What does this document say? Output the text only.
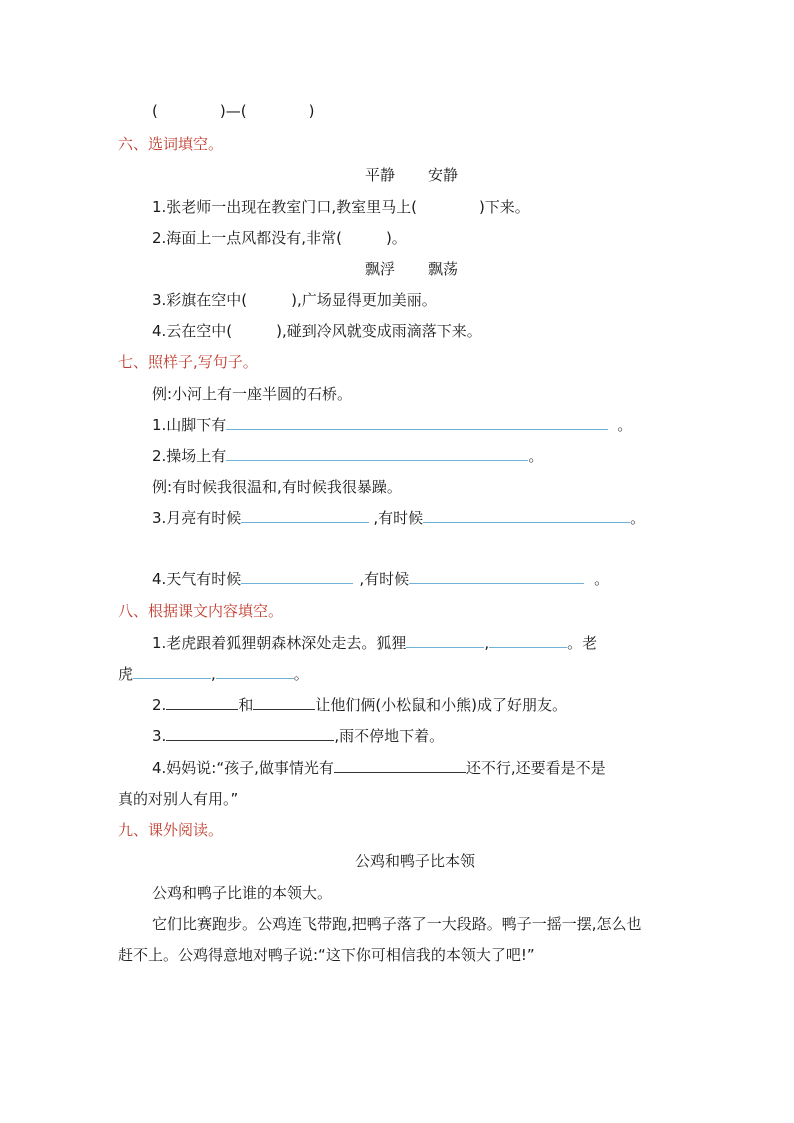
(	)—(	)
六、选词填空。
平静 安静
1.张老师一出现在教室门口,教室里马上(	)下来。
2.海面上一点风都没有,非常(	)。
飘浮 飘荡
3.彩旗在空中(	),广场显得更加美丽。
4.云在空中(	),碰到冷风就变成雨滴落下来。
七、照样子,写句子。
例:小河上有一座半圆的石桥。
1.山脚下有	。
2.操场上有	。
例:有时候我很温和,有时候我很暴躁。
3.月亮有时候	,有时候	。
4.天气有时候	,有时候	。
八、根据课文内容填空。
1.老虎跟着狐狸朝森林深处走去。狐狸	,	。老
虎	,	。
2.	和	让他们俩(小松鼠和小熊)成了好朋友。
3.	,雨不停地下着。
4.妈妈说:“孩子,做事情光有	还不行,还要看是不是
真的对别人有用。”
九、课外阅读。
公鸡和鸭子比本领
公鸡和鸭子比谁的本领大。
它们比赛跑步。公鸡连飞带跑,把鸭子落了一大段路。鸭子一摇一摆,怎么也
赶不上。公鸡得意地对鸭子说:“这下你可相信我的本领大了吧!”
